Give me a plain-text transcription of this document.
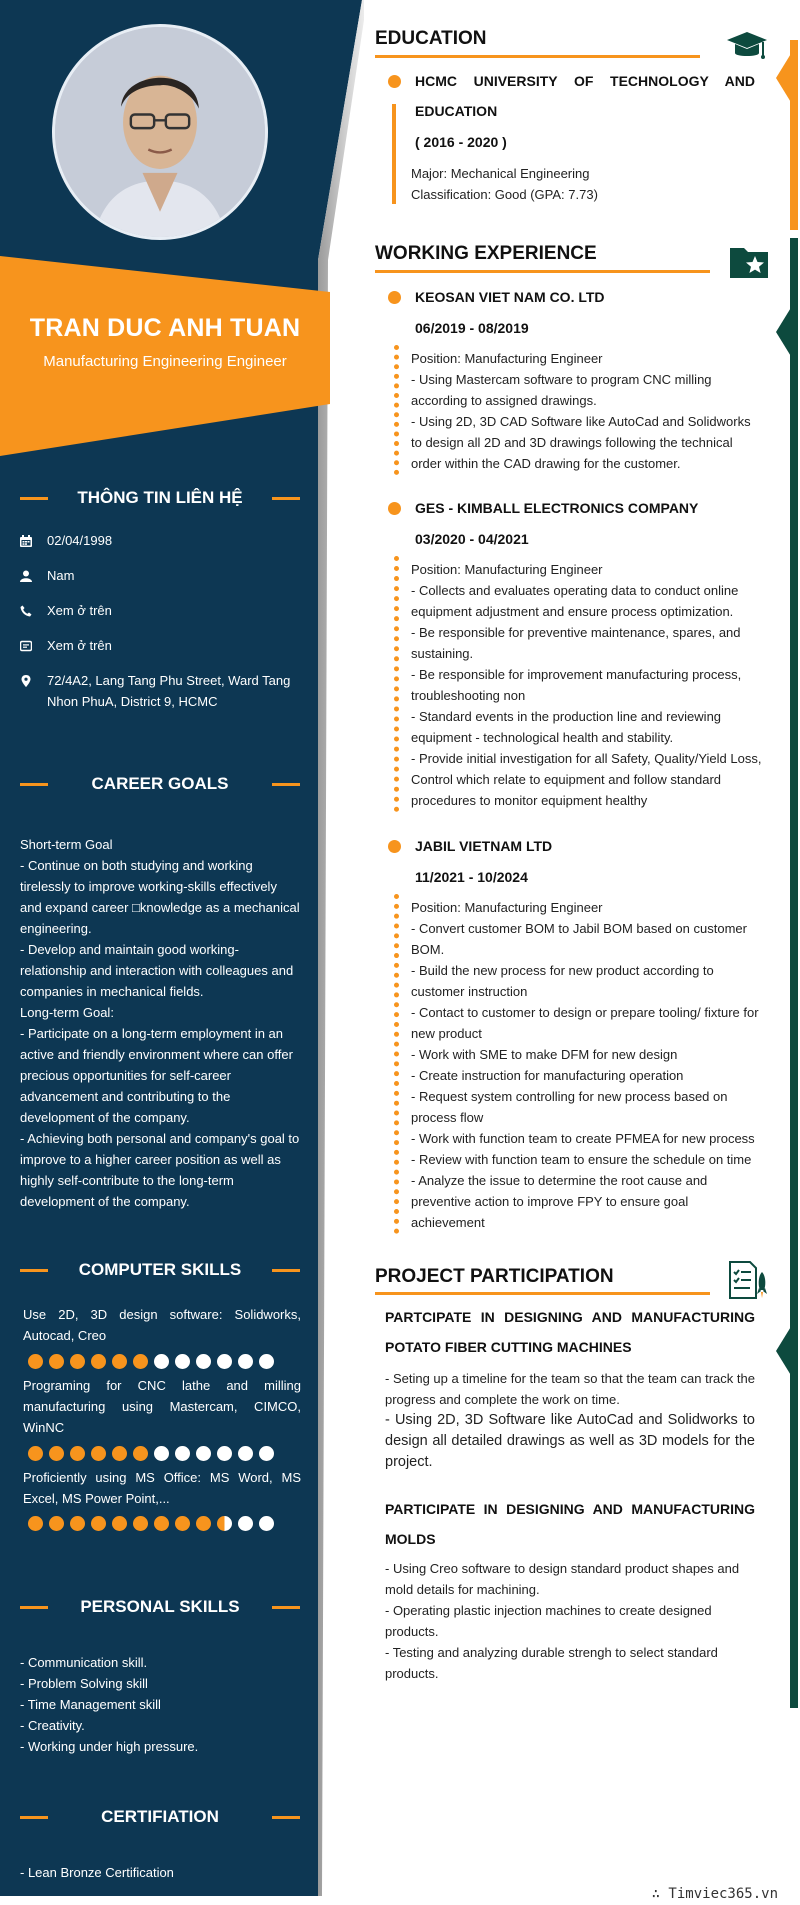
TRAN DUC ANH TUAN
Manufacturing Engineering Engineer
THÔNG TIN LIÊN HỆ
02/04/1998
Nam
Xem ở trên
Xem ở trên
72/4A2, Lang Tang Phu Street, Ward Tang Nhon PhuA, District 9, HCMC
CAREER GOALS

Short-term Goal

- Continue on both studying and working tirelessly to improve working-skills effectively and expand career □knowledge as a mechanical engineering.

- Develop and maintain good working-relationship and interaction with colleagues and companies in mechanical fields.

Long-term Goal:

- Participate on a long-term employment in an active and friendly environment where can offer precious opportunities for self-career advancement and contributing to the development of the company.

- Achieving both personal and company's goal to improve to a higher career position as well as highly self-contribute to the long-term development of the company.

COMPUTER SKILLS
Use 2D, 3D design software: Solidworks, Autocad, Creo
Programing for CNC lathe and milling manufacturing using Mastercam, CIMCO, WinNC
Proficiently using MS Office: MS Word, MS Excel, MS Power Point,...
PERSONAL SKILLS

- Communication skill.

- Problem Solving skill

- Time Management skill

- Creativity.

- Working under high pressure.

CERTIFIATION

- Lean Bronze Certification

EDUCATION
HCMC UNIVERSITY OF TECHNOLOGY AND EDUCATION
( 2016 - 2020 )

Major: Mechanical Engineering

Classification: Good (GPA: 7.73)

WORKING EXPERIENCE
KEOSAN VIET NAM CO. LTD
06/2019 - 08/2019

Position: Manufacturing Engineer

- Using Mastercam software to program CNC milling according to assigned drawings.

- Using 2D, 3D CAD Software like AutoCad and Solidworks to design all 2D and 3D drawings following the technical order within the CAD drawing for the customer.

GES - KIMBALL ELECTRONICS COMPANY
03/2020 - 04/2021

Position: Manufacturing Engineer

- Collects and evaluates operating data to conduct online equipment adjustment and ensure process optimization.

- Be responsible for preventive maintenance, spares, and sustaining.

- Be responsible for improvement manufacturing process, troubleshooting non

- Standard events in the production line and reviewing equipment - technological health and stability.

- Provide initial investigation for all Safety, Quality/Yield Loss, Control which relate to equipment and follow standard procedures to monitor equipment healthy

JABIL VIETNAM LTD
11/2021 - 10/2024

Position: Manufacturing Engineer

- Convert customer BOM to Jabil BOM based on customer BOM.

- Build the new process for new product according to customer instruction

- Contact to customer to design or prepare tooling/ fixture for new product

- Work with SME to make DFM for new design

- Create instruction for manufacturing operation

- Request system controlling for new process based on process flow

- Work with function team to create PFMEA for new process

- Review with function team to ensure the schedule on time

- Analyze the issue to determine the root cause and preventive action to improve FPY to ensure goal achievement

PROJECT PARTICIPATION
PARTCIPATE IN DESIGNING AND MANUFACTURING POTATO FIBER CUTTING MACHINES

- Seting up a timeline for the team so that the team can track the progress and complete the work on time.

- Using 2D, 3D Software like AutoCad and Solidworks to design all detailed drawings as well as 3D models for the project.

PARTICIPATE IN DESIGNING AND MANUFACTURING MOLDS

- Using Creo software to design standard product shapes and mold details for machining.

- Operating plastic injection machines to create designed products.

- Testing and analyzing durable strengh to select standard products.

∴ Timviec365.vn
